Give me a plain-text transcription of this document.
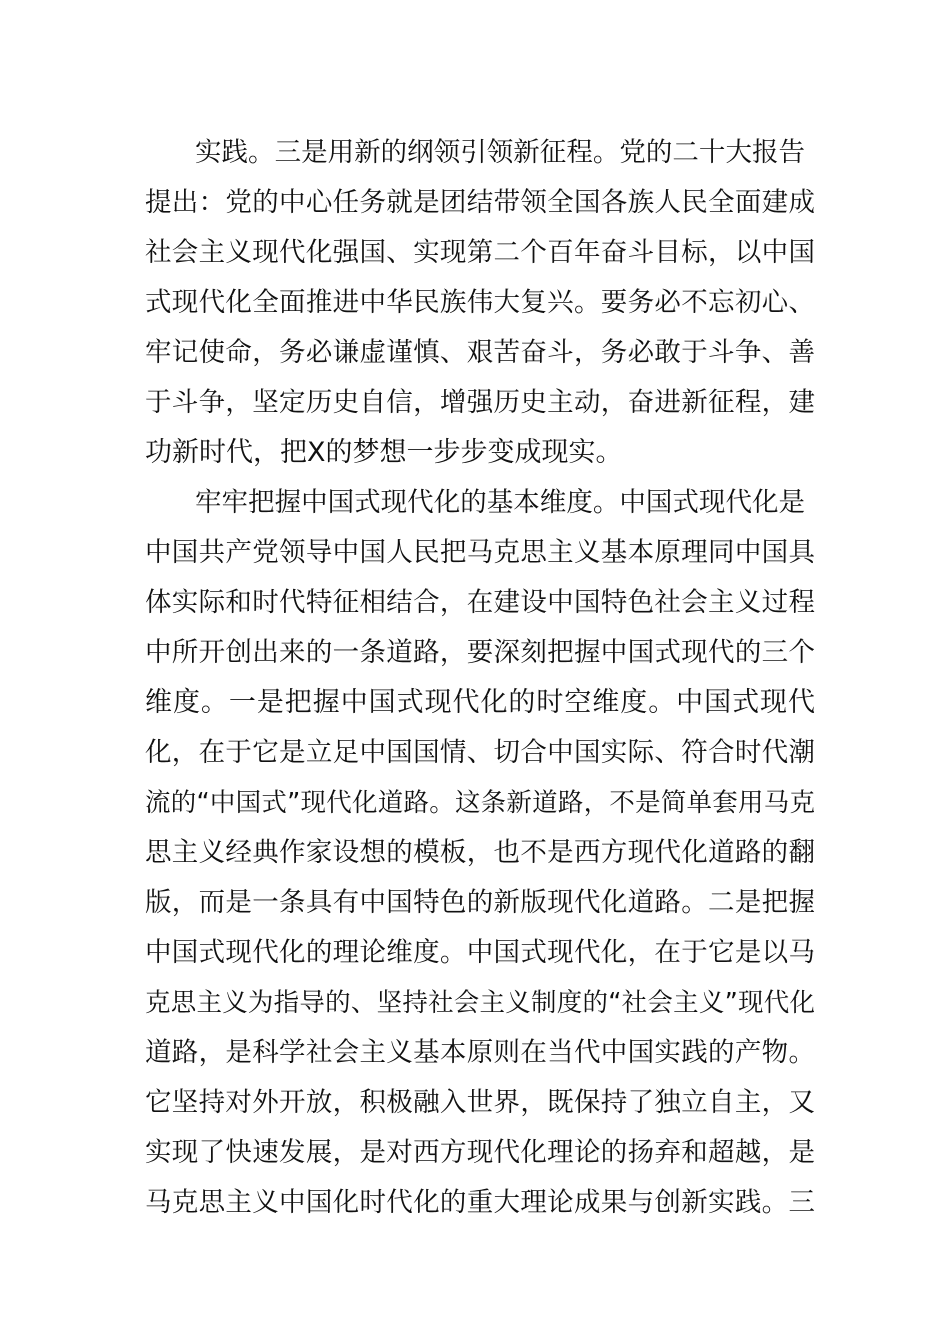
实践。三是用新的纲领引领新征程。党的二十大报告
提出：党的中心任务就是团结带领全国各族人民全面建成
社会主义现代化强国、实现第二个百年奋斗目标，以中国
式现代化全面推进中华民族伟大复兴。要务必不忘初心、
牢记使命，务必谦虚谨慎、艰苦奋斗，务必敢于斗争、善
于斗争，坚定历史自信，增强历史主动，奋进新征程，建
功新时代，把X的梦想一步步变成现实。
牢牢把握中国式现代化的基本维度。中国式现代化是
中国共产党领导中国人民把马克思主义基本原理同中国具
体实际和时代特征相结合，在建设中国特色社会主义过程
中所开创出来的一条道路，要深刻把握中国式现代的三个
维度。一是把握中国式现代化的时空维度。中国式现代
化，在于它是立足中国国情、切合中国实际、符合时代潮
流的“中国式”现代化道路。这条新道路，不是简单套用马克
思主义经典作家设想的模板，也不是西方现代化道路的翻
版，而是一条具有中国特色的新版现代化道路。二是把握
中国式现代化的理论维度。中国式现代化，在于它是以马
克思主义为指导的、坚持社会主义制度的“社会主义”现代化
道路，是科学社会主义基本原则在当代中国实践的产物。
它坚持对外开放，积极融入世界，既保持了独立自主，又
实现了快速发展，是对西方现代化理论的扬弃和超越，是
马克思主义中国化时代化的重大理论成果与创新实践。三
